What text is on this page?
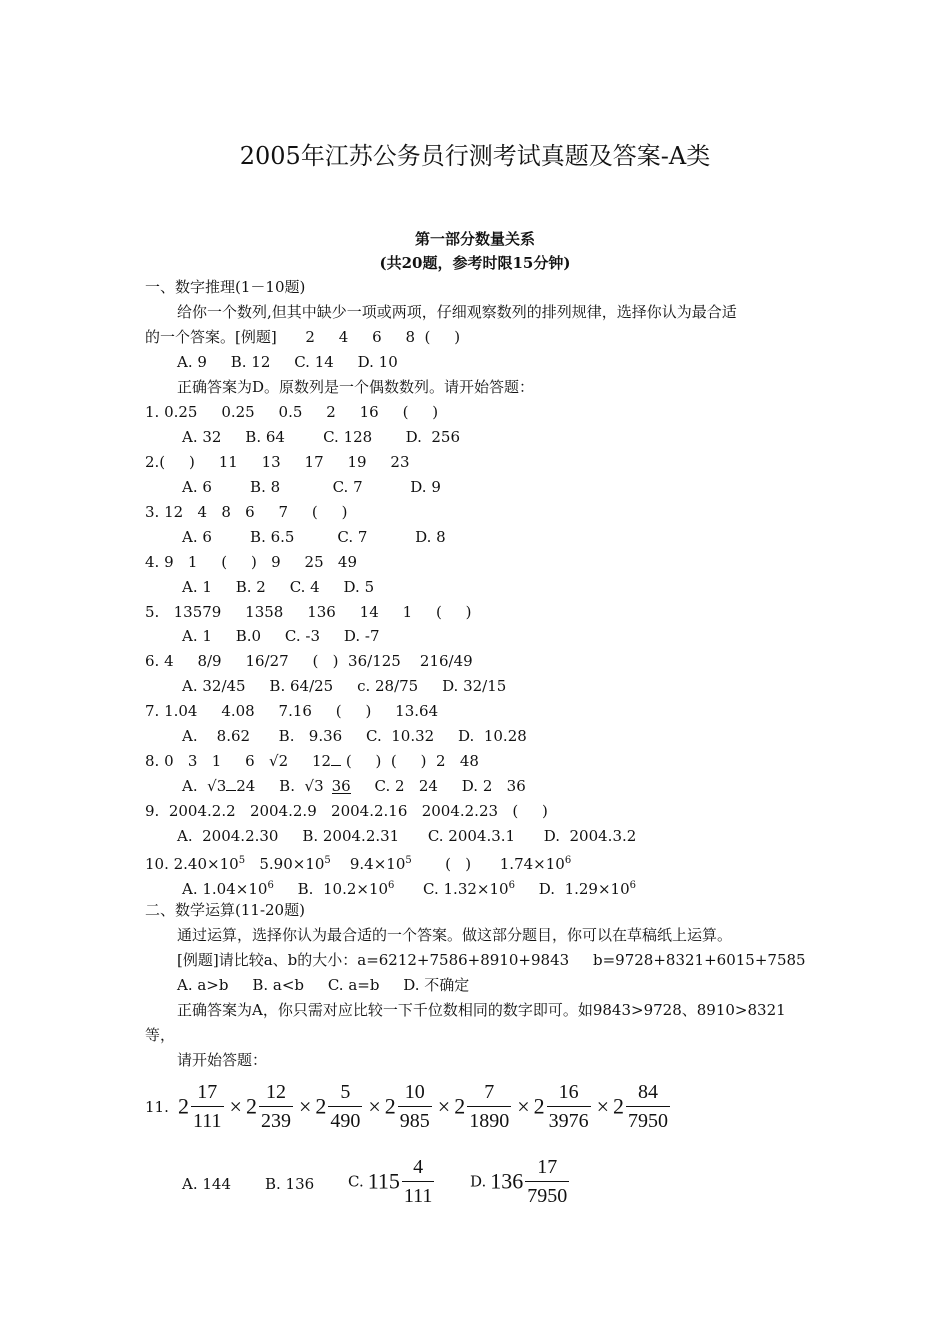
2005年江苏公务员行测考试真题及答案-A类
第一部分数量关系
(共20题，参考时限15分钟)
一、数字推理(1－10题)
给你一个数列,但其中缺少一项或两项，仔细观察数列的排列规律，选择你认为最合适
的一个答案。[例题]      2     4     6     8  (     )
A. 9     B. 12     C. 14     D. 10
正确答案为D。原数列是一个偶数数列。请开始答题：
1. 0.25     0.25     0.5     2     16     (     )
A. 32     B. 64        C. 128       D.  256
2.(     )     11     13     17     19     23
A. 6        B. 8           C. 7          D. 9
3. 12   4   8   6     7     (     )
A. 6        B. 6.5         C. 7          D. 8
4. 9   1     (     )   9     25   49
A. 1     B. 2     C. 4     D. 5
5.   13579     1358     136     14     1     (     )
A. 1     B.0     C. -3     D. -7
6. 4     8/9     16/27     (   )  36/125    216/49
A. 32/45     B. 64/25     c. 28/75     D. 32/15
7. 1.04     4.08     7.16     (     )     13.64
A.    8.62      B.   9.36     C.  10.32     D.  10.28
8. 0   3   1     6   √2     12 (     )  (     )  2   48
A.  √3 24     B.  √3 36     C. 2   24     D. 2   36
9.  2004.2.2   2004.2.9   2004.2.16   2004.2.23   (     )
A.  2004.2.30     B. 2004.2.31      C. 2004.3.1      D.  2004.3.2
10. $2.40\times 10^5$   $5.90\times 10^5$    $9.4\times 10^5$       (   )      $1.74\times 10^6$
A. $1.04\times 10^6$     B.  $10.2\times 10^6$      C. $1.32\times 10^6$     D.  $1.29\times 10^6$
二、数学运算(11-20题)
通过运算，选择你认为最合适的一个答案。做这部分题目，你可以在草稿纸上运算。
[例题]请比较a、b的大小：a=6212+7586+8910+9843     b=9728+8321+6015+7585
A. a>b     B. a<b     C. a=b     D. 不确定
正确答案为A，你只需对应比较一下千位数相同的数字即可。如9843>9728、8910>8321
等，
请开始答题：
11. $2 \frac{17}{111} \times 2 \frac{12}{239} \times 2 \frac{5}{490} \times 2 \frac{10}{985} \times 2 \frac{7}{1890} \times 2 \frac{16}{3976} \times 2 \frac{84}{7950}$
A. 144 B. 136 C. $115 \frac{4}{111} D$. $136 \frac{17}{7950}$
